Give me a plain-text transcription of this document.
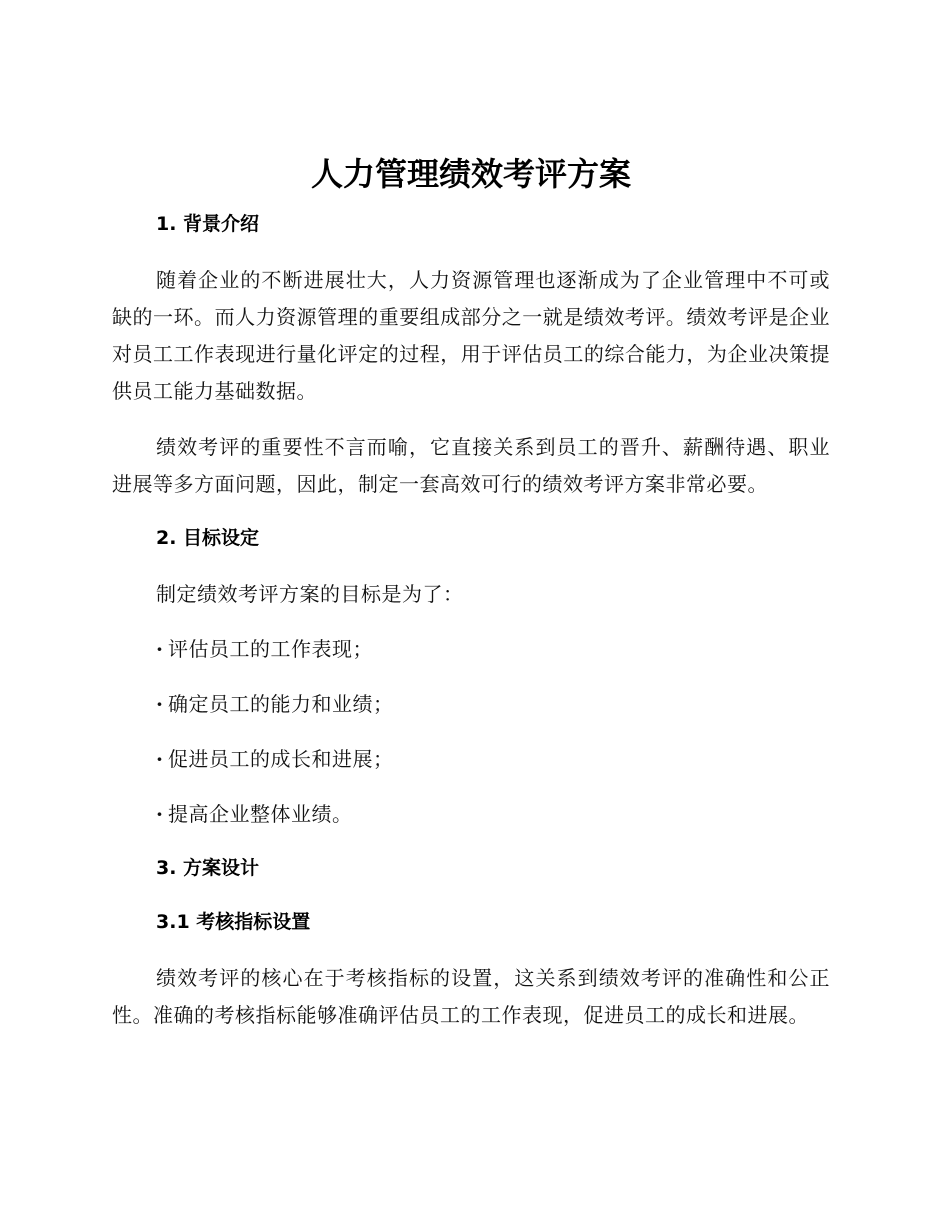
人力管理绩效考评方案
1. 背景介绍

随着企业的不断进展壮大，人力资源管理也逐渐成为了企业管理中不可或缺的一环。而人力资源管理的重要组成部分之一就是绩效考评。绩效考评是企业对员工工作表现进行量化评定的过程，用于评估员工的综合能力，为企业决策提供员工能力基础数据。

绩效考评的重要性不言而喻，它直接关系到员工的晋升、薪酬待遇、职业进展等多方面问题，因此，制定一套高效可行的绩效考评方案非常必要。

2. 目标设定

制定绩效考评方案的目标是为了：

· 评估员工的工作表现；

· 确定员工的能力和业绩；

· 促进员工的成长和进展；

· 提高企业整体业绩。

3. 方案设计
3.1 考核指标设置

绩效考评的核心在于考核指标的设置，这关系到绩效考评的准确性和公正性。准确的考核指标能够准确评估员工的工作表现，促进员工的成长和进展。
